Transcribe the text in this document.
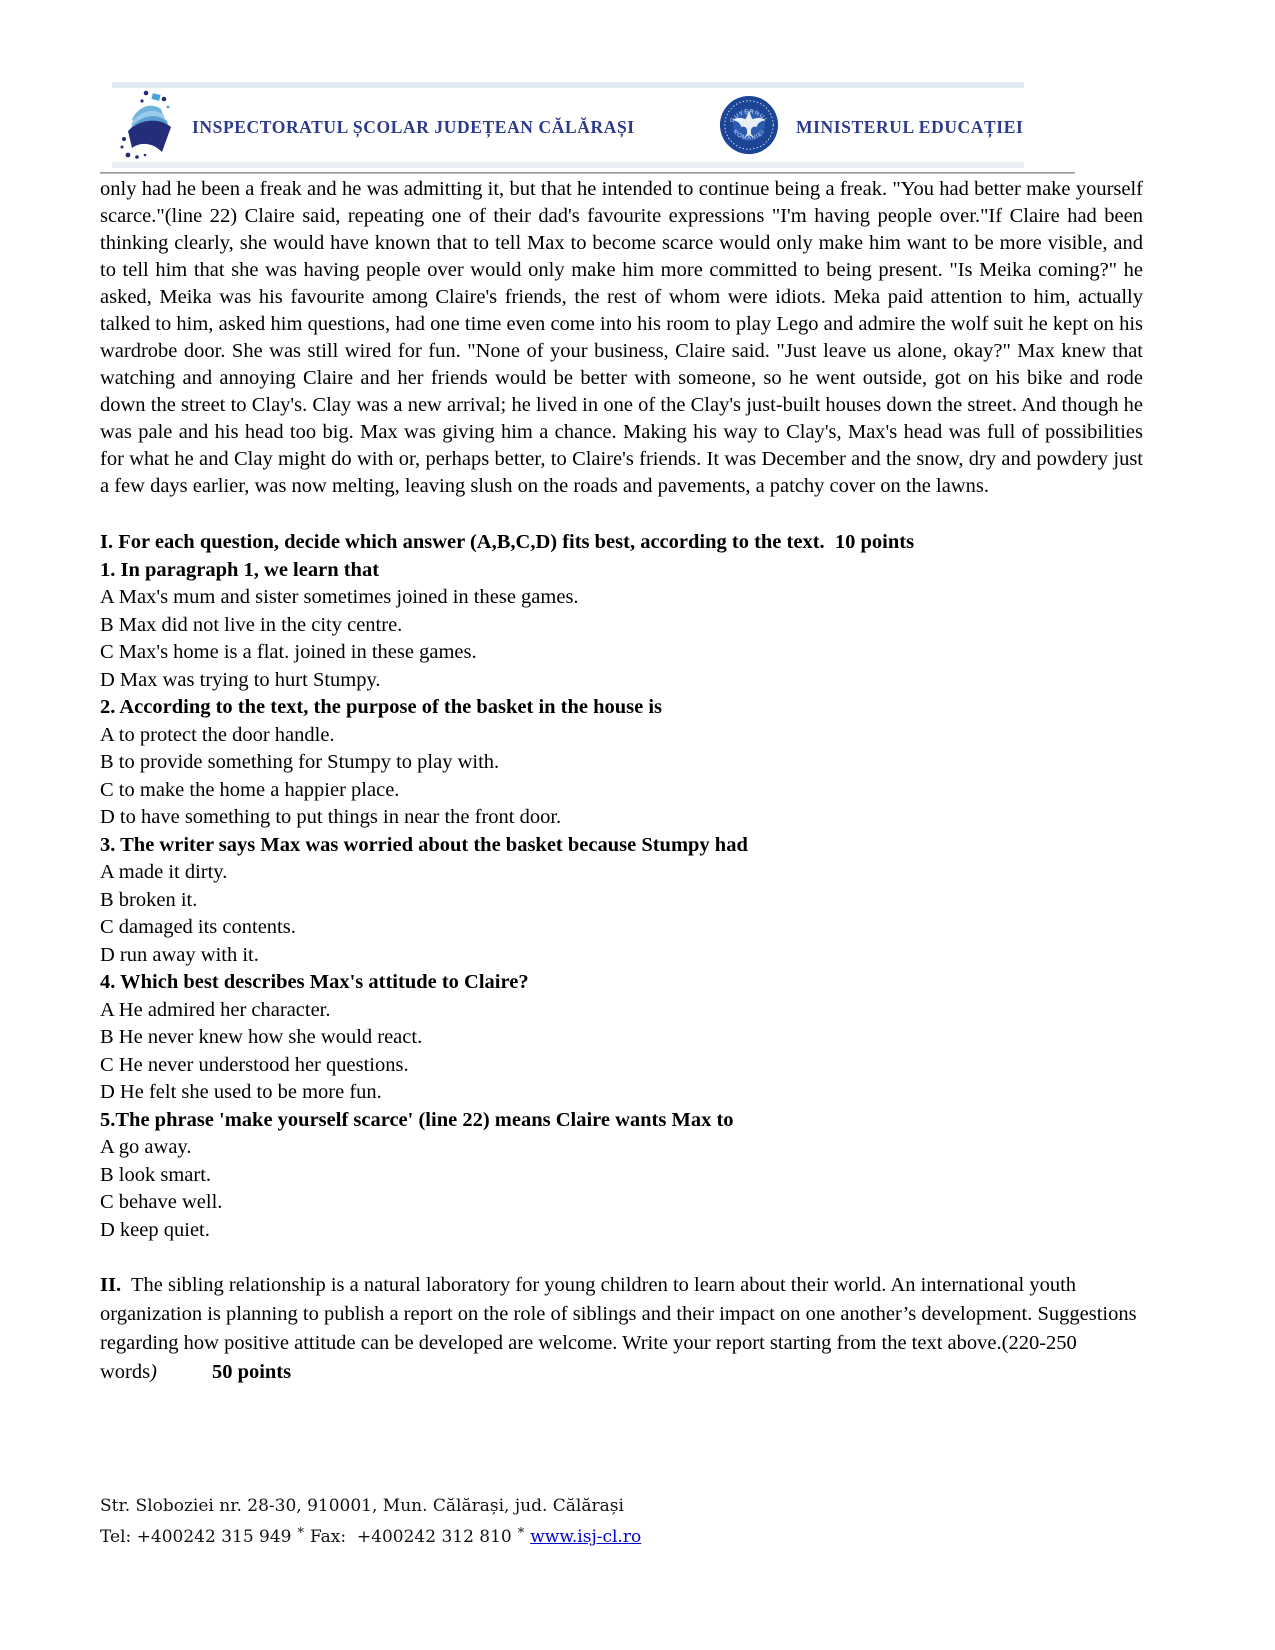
INSPECTORATUL ȘCOLAR JUDEȚEAN CĂLĂRAȘI	GUVERNUL
ROMÂNIEI MINISTERUL EDUCAȚIEI

only had he been a freak and he was admitting it, but that he intended to continue being a freak. "You had better make yourself scarce."(line 22) Claire said, repeating one of their dad's favourite expressions "I'm having people over."If Claire had been thinking clearly, she would have known that to tell Max to become scarce would only make him want to be more visible, and to tell him that she was having people over would only make him more committed to being present. "Is Meika coming?" he asked, Meika was his favourite among Claire's friends, the rest of whom were idiots. Meka paid attention to him, actually talked to him, asked him questions, had one time even come into his room to play Lego and admire the wolf suit he kept on his wardrobe door. She was still wired for fun. "None of your business, Claire said. "Just leave us alone, okay?" Max knew that watching and annoying Claire and her friends would be better with someone, so he went outside, got on his bike and rode down the street to Clay's. Clay was a new arrival; he lived in one of the Clay's just-built houses down the street. And though he was pale and his head too big. Max was giving him a chance. Making his way to Clay's, Max's head was full of possibilities for what he and Clay might do with or, perhaps better, to Claire's friends. It was December and the snow, dry and powdery just a few days earlier, was now melting, leaving slush on the roads and pavements, a patchy cover on the lawns.

I. For each question, decide which answer (A,B,C,D) fits best, according to the text.  10 points

1. In paragraph 1, we learn that

A Max's mum and sister sometimes joined in these games.

B Max did not live in the city centre.

C Max's home is a flat. joined in these games.

D Max was trying to hurt Stumpy.

2. According to the text, the purpose of the basket in the house is

A to protect the door handle.

B to provide something for Stumpy to play with.

C to make the home a happier place.

D to have something to put things in near the front door.

3. The writer says Max was worried about the basket because Stumpy had

A made it dirty.

B broken it.

C damaged its contents.

D run away with it.

4. Which best describes Max's attitude to Claire?

A He admired her character.

B He never knew how she would react.

C He never understood her questions.

D He felt she used to be more fun.

5.The phrase 'make yourself scarce' (line 22) means Claire wants Max to

A go away.

B look smart.

C behave well.

D keep quiet.

II.  The sibling relationship is a natural laboratory for young children to learn about their world. An international youth organization is planning to publish a report on the role of siblings and their impact on one another’s development. Suggestions regarding how positive attitude can be developed are welcome. Write your report starting from the text above.(220-250 words)	50 points

Str. Sloboziei nr. 28-30, 910001, Mun. Călărași, jud. Călărași
Tel: +400242 315 949 * Fax:  +400242 312 810 * www.isj-cl.ro
